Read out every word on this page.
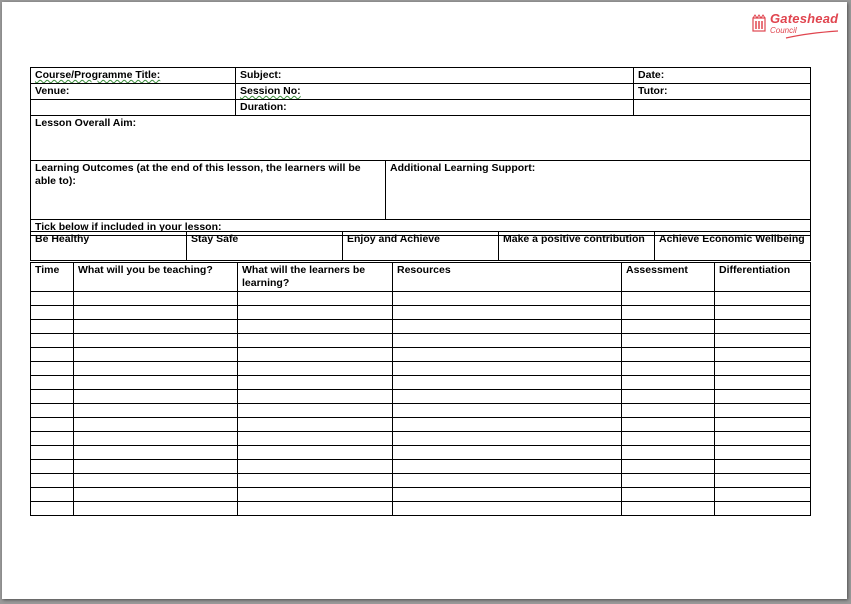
Gateshead
Council
Course/Programme Title:	Subject:		Date:
Venue:	Session No:		Tutor:
	Duration:		
Lesson Overall Aim:			
Learning Outcomes (at the end of this lesson, the learners will be able to):		Additional Learning Support:	
Tick below if included in your lesson:			
Be Healthy	Stay Safe	Enjoy and Achieve	Make a positive contribution	Achieve Economic Wellbeing
Time	What will you be teaching?	What will the learners be learning?	Resources	Assessment	Differentiation
